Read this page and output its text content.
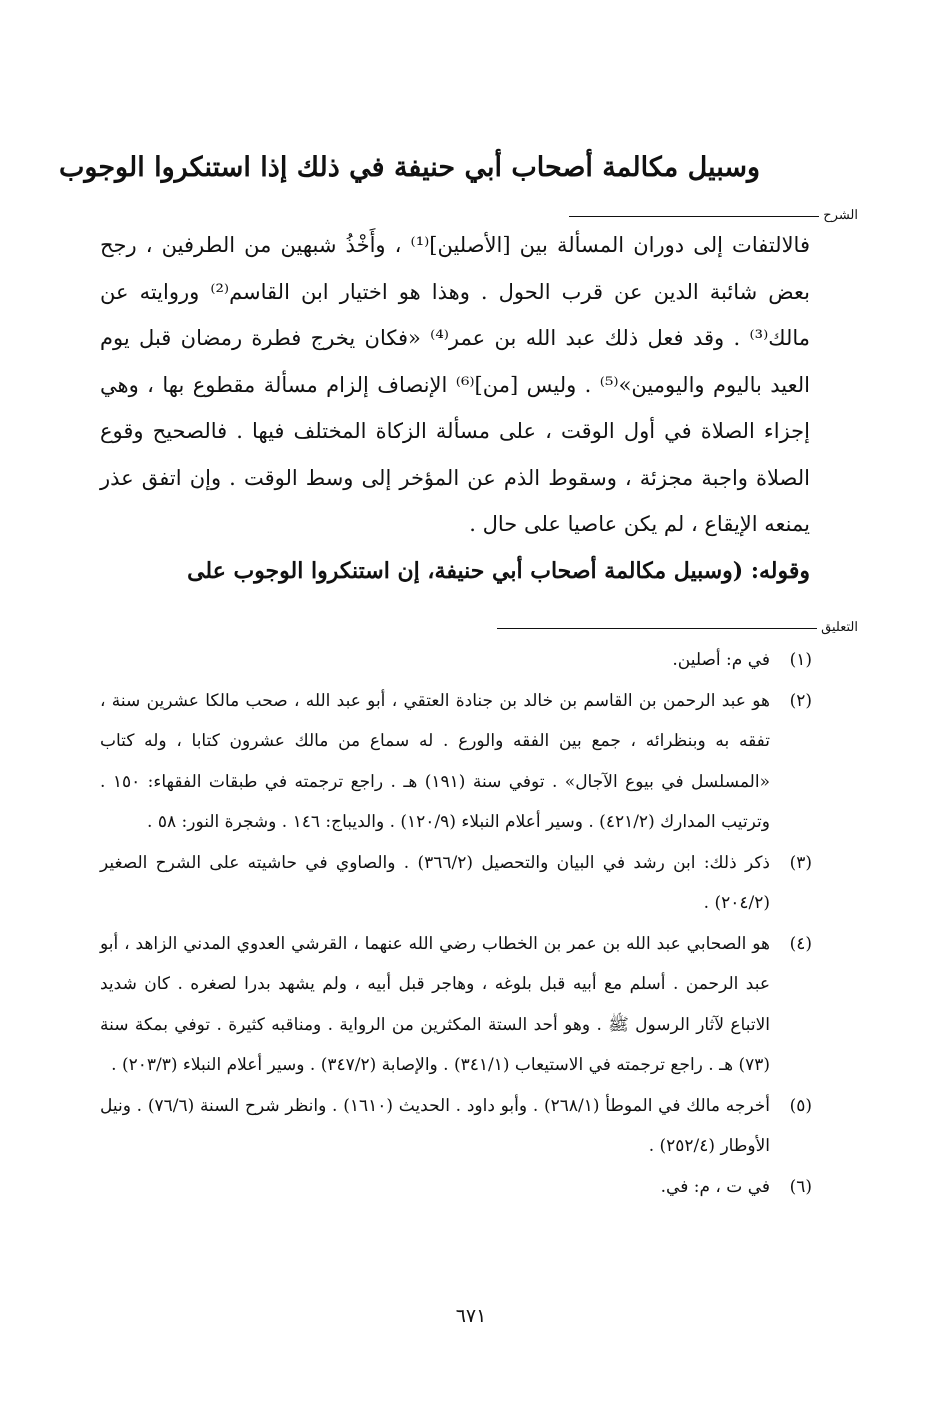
وسبيل مكالمة أصحاب أبي حنيفة في ذلك إذا استنكروا الوجوب
الشرح
فالالتفات إلى دوران المسألة بين [الأصلين]⁽¹⁾ ، وأَخْذُ شبهين من الطرفين ، رجح بعض شائبة الدين عن قرب الحول . وهذا هو اختيار ابن القاسم⁽²⁾ وروايته عن مالك⁽³⁾ . وقد فعل ذلك عبد الله بن عمر⁽⁴⁾ «فكان يخرج فطرة رمضان قبل يوم العيد باليوم واليومين»⁽⁵⁾ . وليس [من]⁽⁶⁾ الإنصاف إلزام مسألة مقطوع بها ، وهي إجزاء الصلاة في أول الوقت ، على مسألة الزكاة المختلف فيها . فالصحيح وقوع الصلاة واجبة مجزئة ، وسقوط الذم عن المؤخر إلى وسط الوقت . وإن اتفق عذر يمنعه الإيقاع ، لم يكن عاصيا على حال .
وقوله: (وسبيل مكالمة أصحاب أبي حنيفة، إن استنكروا الوجوب على
التعليق
(١)
في م: أصلين.
(٢)
هو عبد الرحمن بن القاسم بن خالد بن جنادة العتقي ، أبو عبد الله ، صحب مالكا عشرين سنة ، تفقه به وبنظرائه ، جمع بين الفقه والورع . له سماع من مالك عشرون كتابا ، وله كتاب «المسلسل في بيوع الآجال» . توفي سنة (١٩١) هـ . راجع ترجمته في طبقات الفقهاء: ١٥٠ . وترتيب المدارك (٤٢١/٢) . وسير أعلام النبلاء (١٢٠/٩) . والديباج: ١٤٦ . وشجرة النور: ٥٨ .
(٣)
ذكر ذلك: ابن رشد في البيان والتحصيل (٣٦٦/٢) . والصاوي في حاشيته على الشرح الصغير (٢٠٤/٢) .
(٤)
هو الصحابي عبد الله بن عمر بن الخطاب رضي الله عنهما ، القرشي العدوي المدني الزاهد ، أبو عبد الرحمن . أسلم مع أبيه قبل بلوغه ، وهاجر قبل أبيه ، ولم يشهد بدرا لصغره . كان شديد الاتباع لآثار الرسول ﷺ . وهو أحد الستة المكثرين من الرواية . ومناقبه كثيرة . توفي بمكة سنة (٧٣) هـ . راجع ترجمته في الاستيعاب (٣٤١/١) . والإصابة (٣٤٧/٢) . وسير أعلام النبلاء (٢٠٣/٣) .
(٥)
أخرجه مالك في الموطأ (٢٦٨/١) . وأبو داود . الحديث (١٦١٠) . وانظر شرح السنة (٧٦/٦) . ونيل الأوطار (٢٥٢/٤) .
(٦)
في ت ، م: في.
٦٧١
